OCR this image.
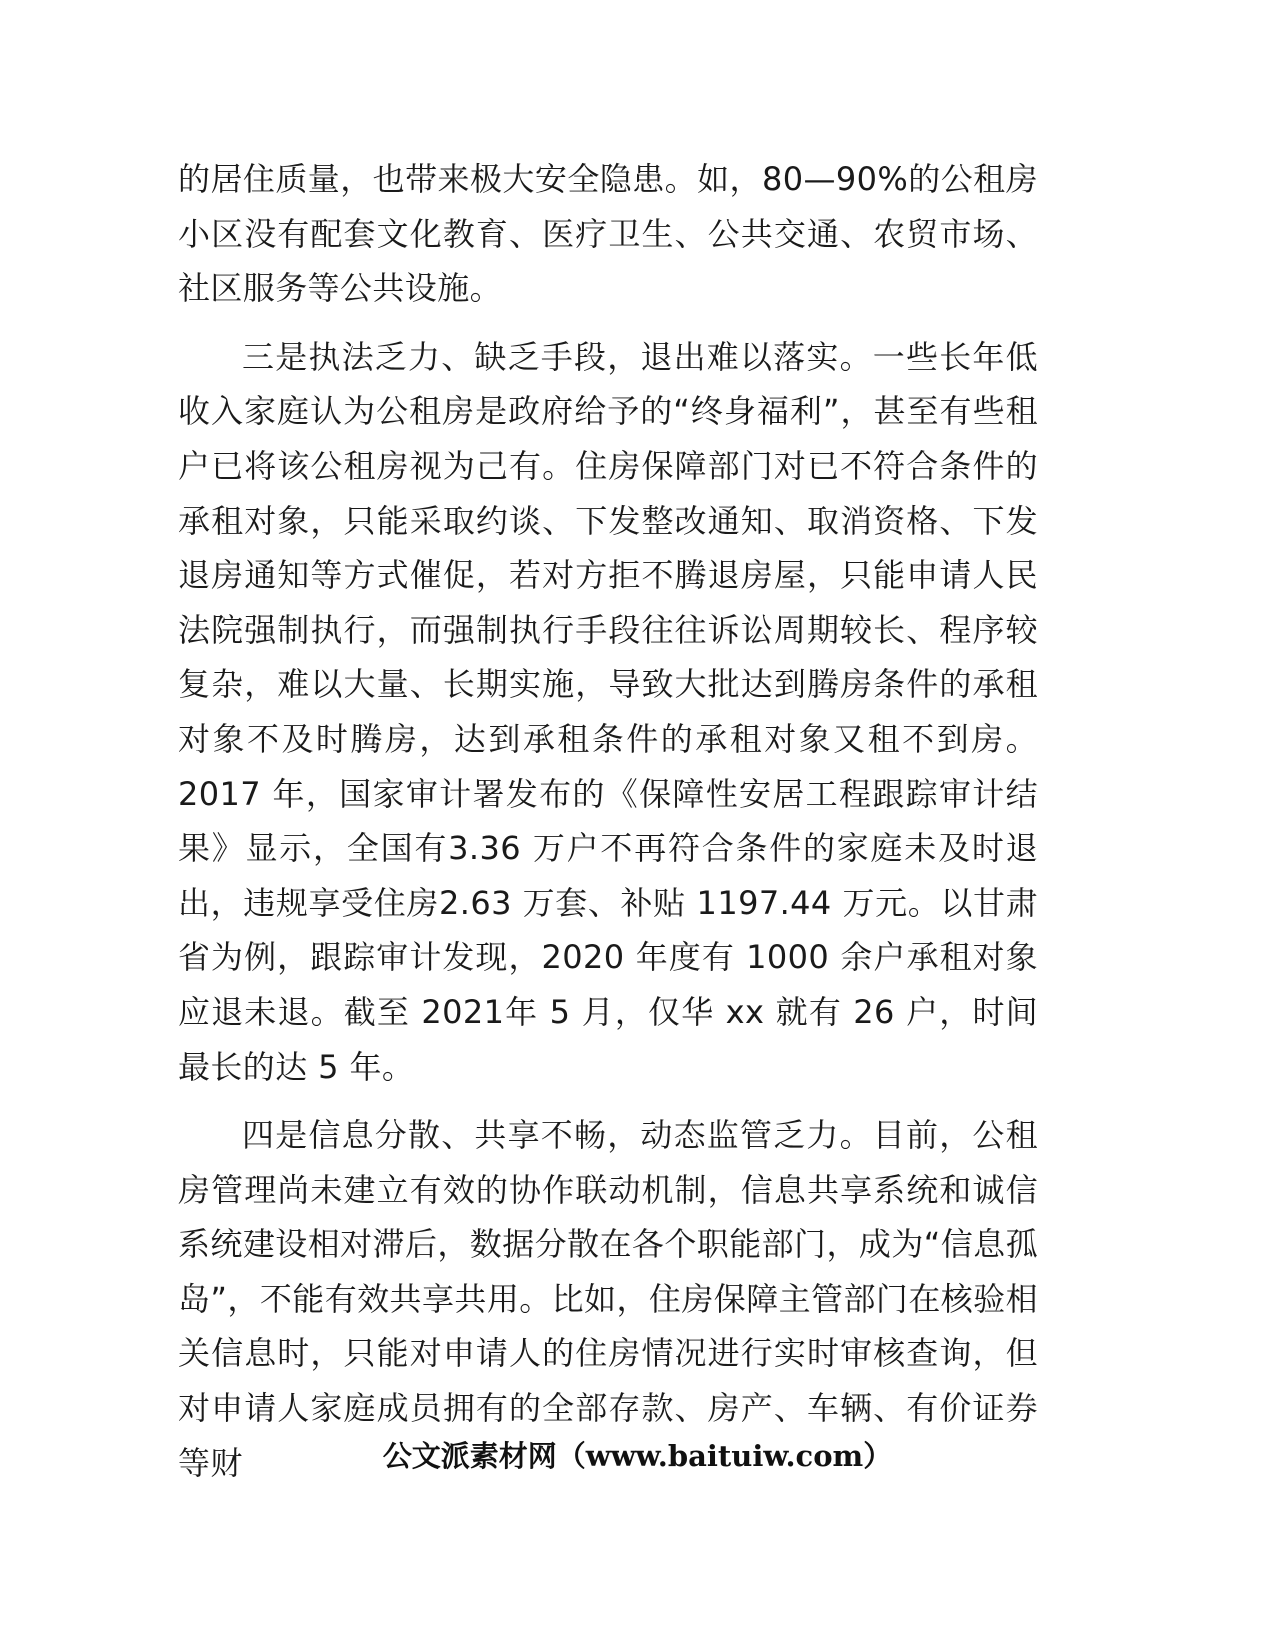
的居住质量，也带来极大安全隐患。如，80—90%的公租房小区没有配套文化教育、医疗卫生、公共交通、农贸市场、社区服务等公共设施。

三是执法乏力、缺乏手段，退出难以落实。一些长年低收入家庭认为公租房是政府给予的“终身福利”，甚至有些租户已将该公租房视为己有。住房保障部门对已不符合条件的承租对象，只能采取约谈、下发整改通知、取消资格、下发退房通知等方式催促，若对方拒不腾退房屋，只能申请人民法院强制执行，而强制执行手段往往诉讼周期较长、程序较复杂，难以大量、长期实施，导致大批达到腾房条件的承租对象不及时腾房，达到承租条件的承租对象又租不到房。2017 年，国家审计署发布的《保障性安居工程跟踪审计结果》显示，全国有3.36 万户不再符合条件的家庭未及时退出，违规享受住房2.63 万套、补贴 1197.44 万元。以甘肃省为例，跟踪审计发现，2020 年度有 1000 余户承租对象应退未退。截至 2021年 5 月，仅华 xx 就有 26 户，时间最长的达 5 年。

四是信息分散、共享不畅，动态监管乏力。目前，公租房管理尚未建立有效的协作联动机制，信息共享系统和诚信系统建设相对滞后，数据分散在各个职能部门，成为“信息孤岛”，不能有效共享共用。比如，住房保障主管部门在核验相关信息时，只能对申请人的住房情况进行实时审核查询，但对申请人家庭成员拥有的全部存款、房产、车辆、有价证券等财	公文派素材网（www.baituiw.com）
